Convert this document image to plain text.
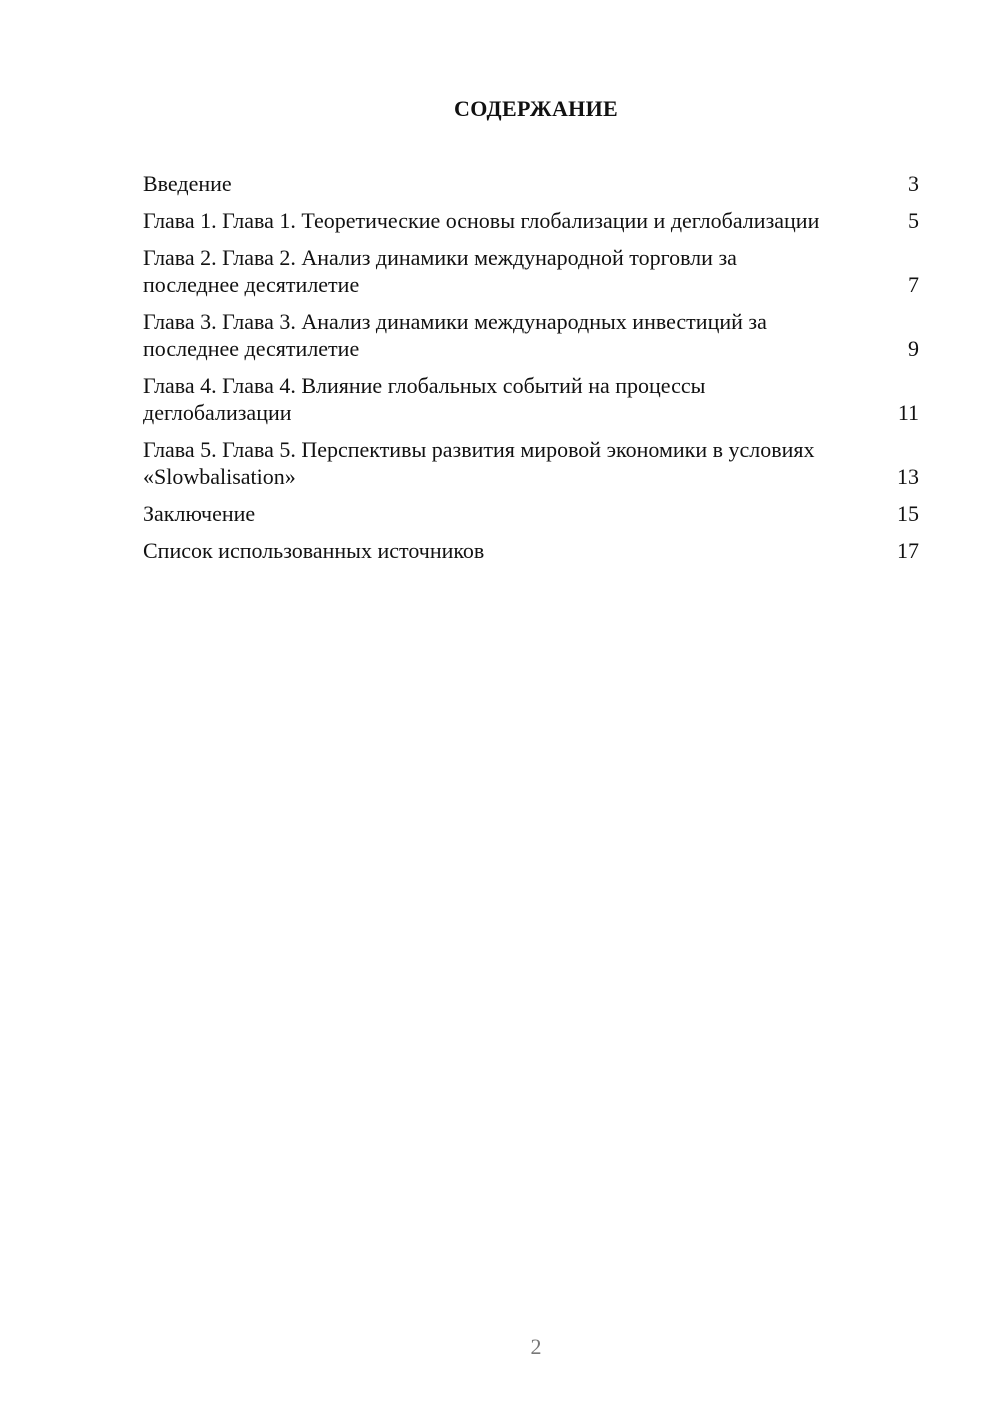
СОДЕРЖАНИЕ
Введение	3
Глава 1. Глава 1. Теоретические основы глобализации и деглобализации	5
Глава 2. Глава 2. Анализ динамики международной торговли за последнее десятилетие	7
Глава 3. Глава 3. Анализ динамики международных инвестиций за последнее десятилетие	9
Глава 4. Глава 4. Влияние глобальных событий на процессы деглобализации	11
Глава 5. Глава 5. Перспективы развития мировой экономики в условиях «Slowbalisation»	13
Заключение	15
Список использованных источников	17
2
